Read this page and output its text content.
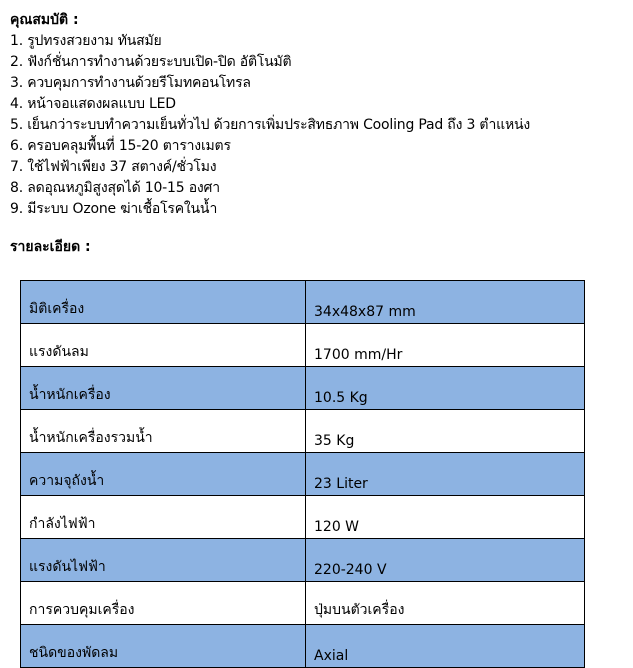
คุณสมบัติ :
1. รูปทรงสวยงาม ทันสมัย
2. ฟังก์ชั่นการทำงานด้วยระบบเปิด-ปิด อัติโนมัติ
3. ควบคุมการทำงานด้วยรีโมทคอนโทรล
4. หน้าจอแสดงผลแบบ LED
5. เย็นกว่าระบบทำความเย็นทั่วไป ด้วยการเพิ่มประสิทธภาพ Cooling Pad ถึง 3 ตำแหน่ง
6. ครอบคลุมพื้นที่ 15-20 ตารางเมตร
7. ใช้ไฟฟ้าเพียง 37 สตางค์/ชั่วโมง
8. ลดอุณหภูมิสูงสุดได้ 10-15 องศา
9. มีระบบ Ozone ฆ่าเชื้อโรคในน้ำ
รายละเอียด :
มิติเครื่อง	34x48x87 mm
แรงดันลม	1700 mm/Hr
น้ำหนักเครื่อง	10.5 Kg
น้ำหนักเครื่องรวมน้ำ	35 Kg
ความจุถังน้ำ	23 Liter
กำลังไฟฟ้า	120 W
แรงดันไฟฟ้า	220-240 V
การควบคุมเครื่อง	ปุ่มบนตัวเครื่อง
ชนิดของพัดลม	Axial
